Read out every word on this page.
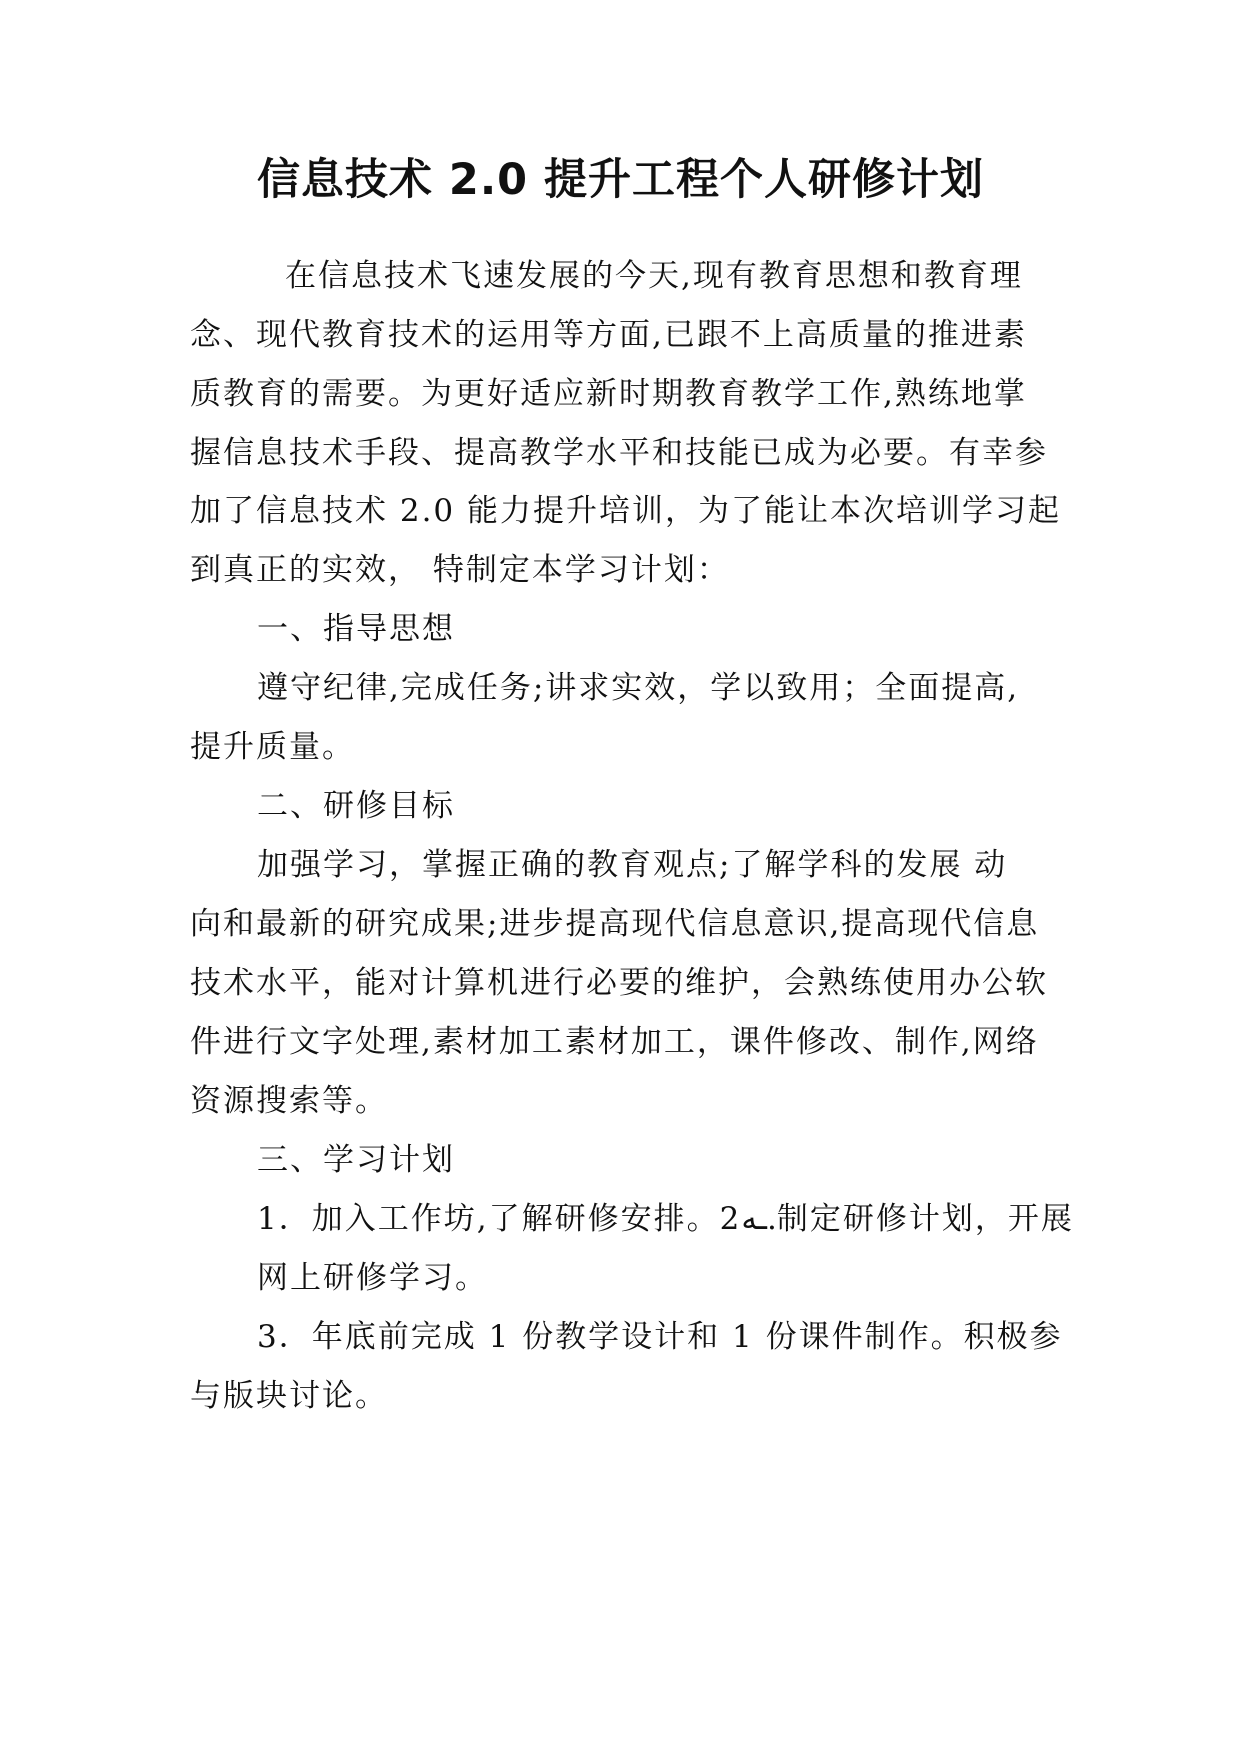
信息技术 2.0 提升工程个人研修计划
在信息技术飞速发展的今天,现有教育思想和教育理
念、现代教育技术的运用等方面,已跟不上高质量的推进素
质教育的需要。为更好适应新时期教育教学工作,熟练地掌
握信息技术手段、提高教学水平和技能已成为必要。有幸参
加了信息技术 2.0 能力提升培训，为了能让本次培训学习起
到真正的实效， 特制定本学习计划：
一、指导思想
遵守纪律,完成任务;讲求实效，学以致用；全面提高,
提升质量。
二、研修目标
加强学习，掌握正确的教育观点;了解学科的发展 动
向和最新的研究成果;进步提高现代信息意识,提高现代信息
技术水平，能对计算机进行必要的维护，会熟练使用办公软
件进行文字处理,素材加工素材加工，课件修改、制作,网络
资源搜索等。
三、学习计划
1．加入工作坊,了解研修安排。2ـه.制定研修计划，开展
网上研修学习。
3．年底前完成 1 份教学设计和 1 份课件制作。积极参
与版块讨论。
